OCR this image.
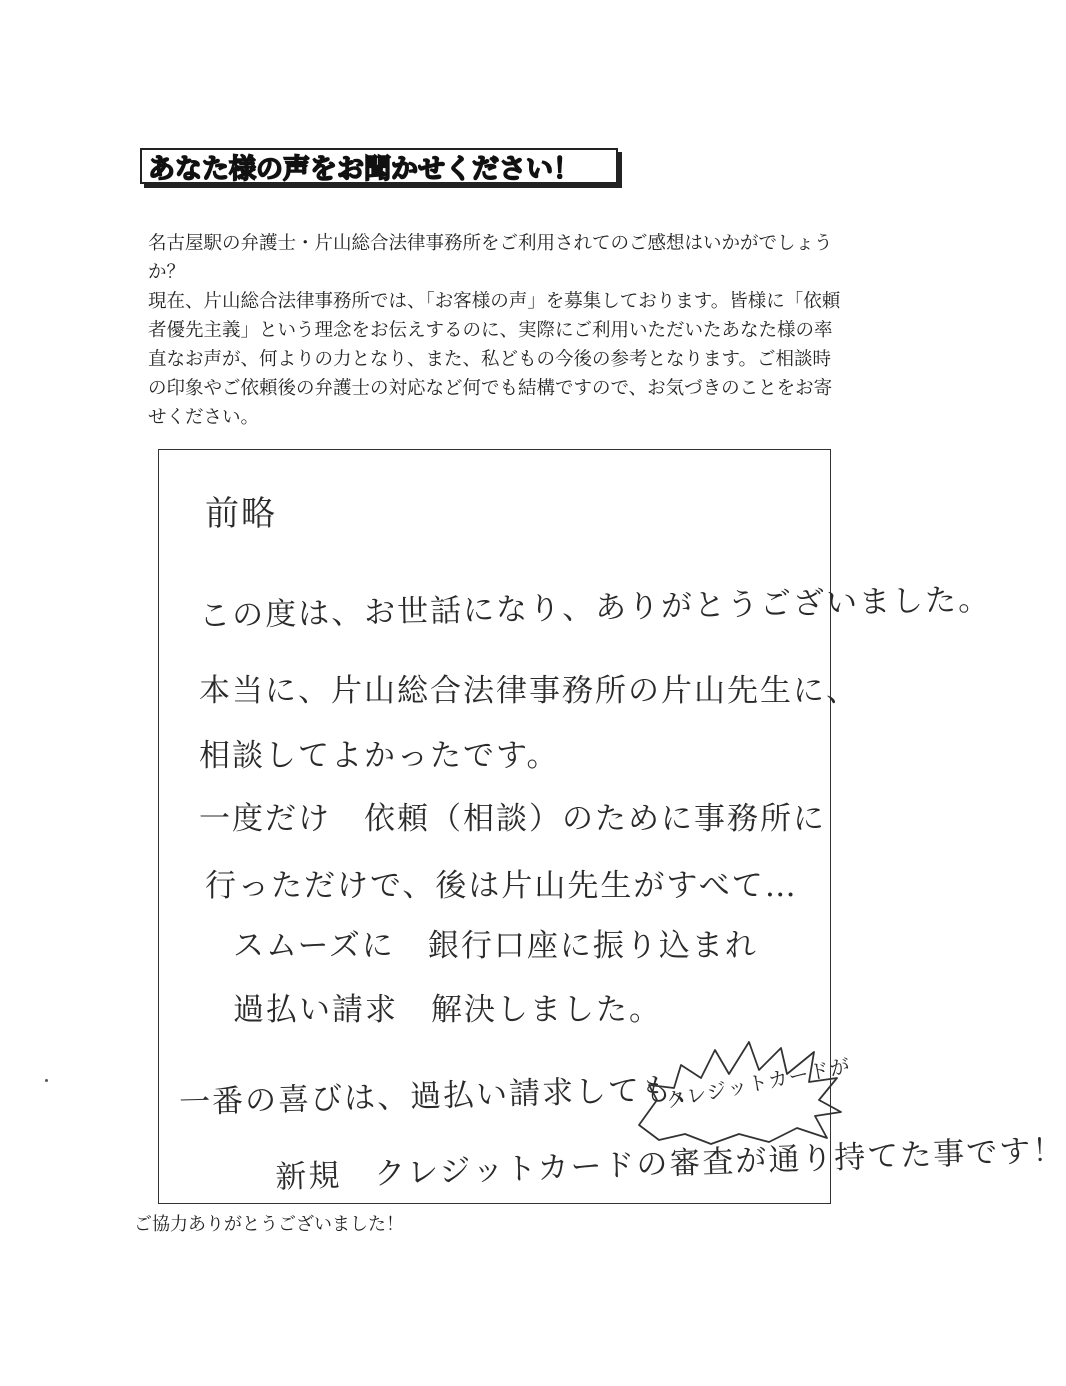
あなた様の声をお聞かせください！

名古屋駅の弁護士・片山総合法律事務所をご利用されてのご感想はいかがでしょうか？

現在、片山総合法律事務所では、「お客様の声」を募集しております。皆様に「依頼者優先主義」という理念をお伝えするのに、実際にご利用いただいたあなた様の率直なお声が、何よりの力となり、また、私どもの今後の参考となります。ご相談時の印象やご依頼後の弁護士の対応など何でも結構ですので、お気づきのことをお寄せください。

前略
この度は、お世話になり、ありがとうございました。
本当に、片山総合法律事務所の片山先生に、
相談してよかったです。
一度だけ　依頼（相談）のために事務所に
行っただけで、後は片山先生がすべて…
スムーズに　銀行口座に振り込まれ
過払い請求　解決しました。
一番の喜びは、過払い請求しても、
新規　クレジットカードの審査が通り持てた事です！
クレジットカードが
ご協力ありがとうございました！
